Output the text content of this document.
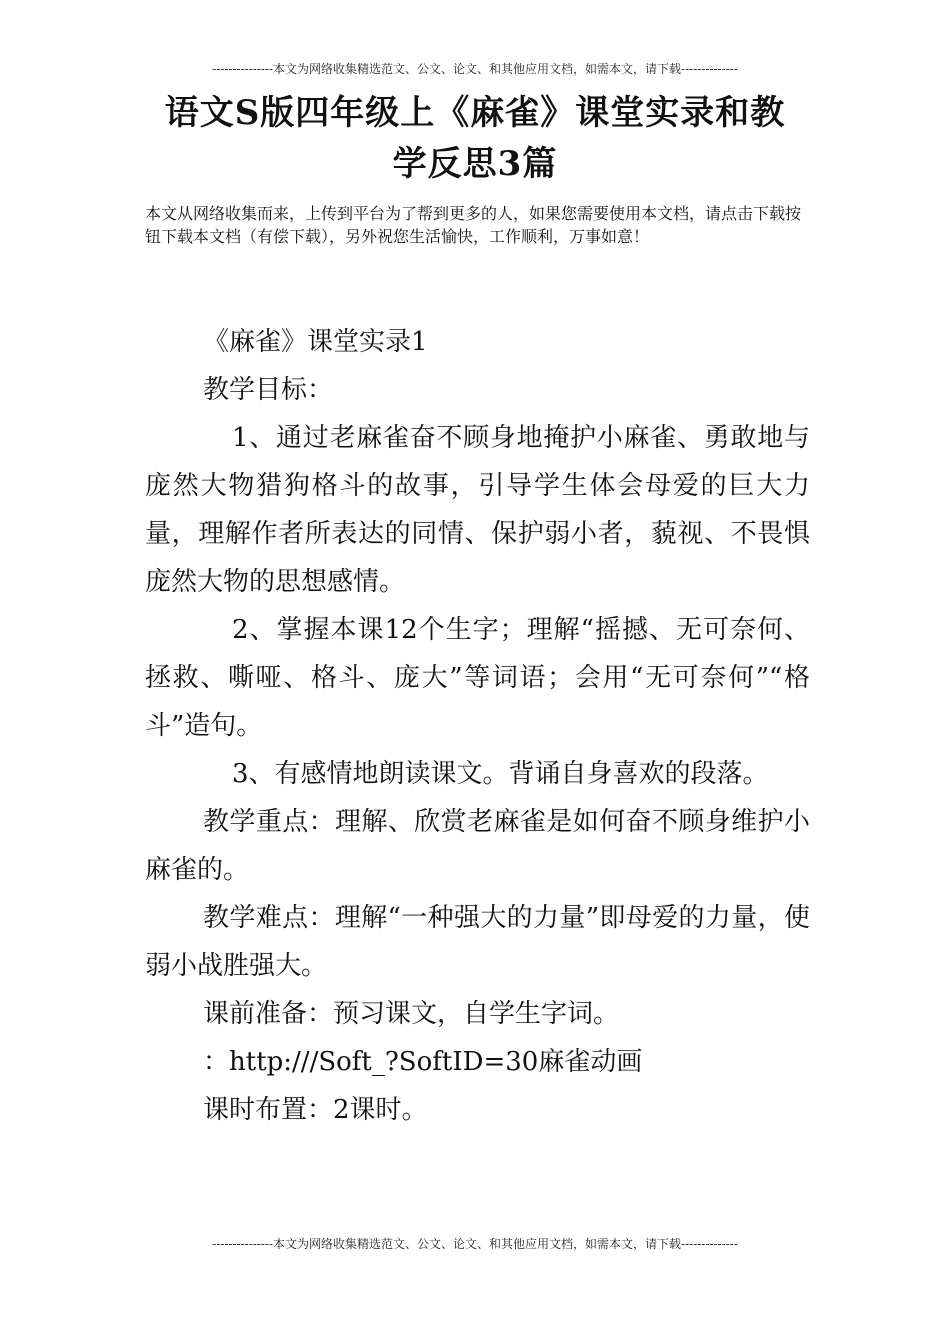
---------------本文为网络收集精选范文、公文、论文、和其他应用文档，如需本文，请下载--------------
语文S版四年级上《麻雀》课堂实录和教
学反思3篇
本文从网络收集而来，上传到平台为了帮到更多的人，如果您需要使用本文档，请点击下载按钮下载本文档（有偿下载），另外祝您生活愉快，工作顺利，万事如意！

《麻雀》课堂实录1

教学目标：

1、通过老麻雀奋不顾身地掩护小麻雀、勇敢地与庞然大物猎狗格斗的故事，引导学生体会母爱的巨大力量，理解作者所表达的同情、保护弱小者，藐视、不畏惧庞然大物的思想感情。

2、掌握本课12个生字；理解“摇撼、无可奈何、拯救、嘶哑、格斗、庞大”等词语；会用“无可奈何”“格斗”造句。

3、有感情地朗读课文。背诵自身喜欢的段落。

教学重点：理解、欣赏老麻雀是如何奋不顾身维护小麻雀的。

教学难点：理解“一种强大的力量”即母爱的力量，使弱小战胜强大。

课前准备：预习课文，自学生字词。

：http:///Soft_?SoftID=30麻雀动画

课时布置：2课时。

---------------本文为网络收集精选范文、公文、论文、和其他应用文档，如需本文，请下载--------------
